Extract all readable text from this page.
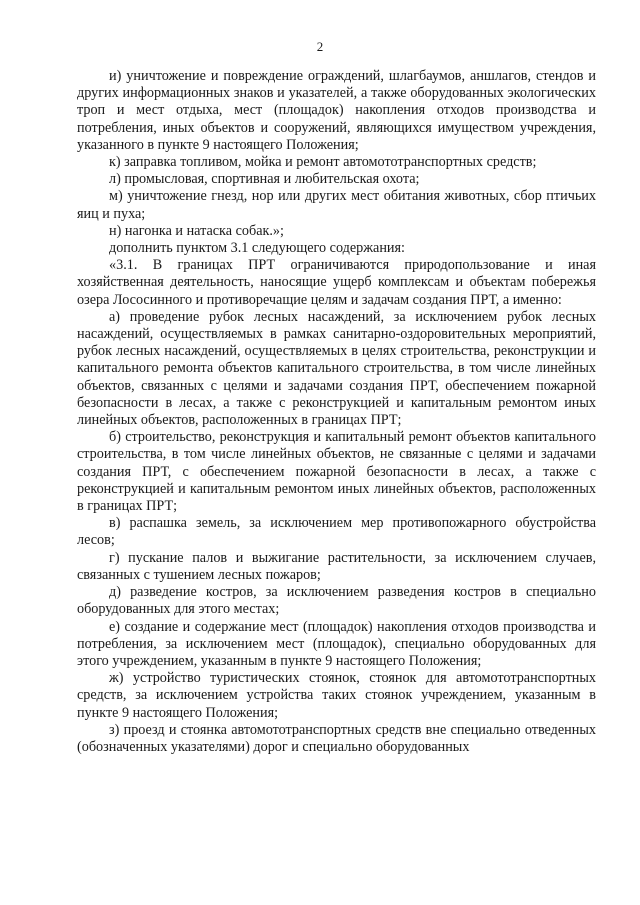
2

и) уничтожение и повреждение ограждений, шлагбаумов, аншлагов, стендов и других информационных знаков и указателей, а также оборудованных экологических троп и мест отдыха, мест (площадок) накопления отходов производства и потребления, иных объектов и сооружений, являющихся имуществом учреждения, указанного в пункте 9 настоящего Положения;

к) заправка топливом, мойка и ремонт автомототранспортных средств;

л) промысловая, спортивная и любительская охота;

м) уничтожение гнезд, нор или других мест обитания животных, сбор птичьих яиц и пуха;

н) нагонка и натаска собак.»;

дополнить пунктом 3.1 следующего содержания:

«3.1. В границах ПРТ ограничиваются природопользование и иная хозяйственная деятельность, наносящие ущерб комплексам и объектам побережья озера Лососинного и противоречащие целям и задачам создания ПРТ, а именно:

а) проведение рубок лесных насаждений, за исключением рубок лесных насаждений, осуществляемых в рамках санитарно-оздоровительных мероприятий, рубок лесных насаждений, осуществляемых в целях строительства, реконструкции и капитального ремонта объектов капитального строительства, в том числе линейных объектов, связанных с целями и задачами создания ПРТ, обеспечением пожарной безопасности в лесах, а также с реконструкцией и капитальным ремонтом иных линейных объектов, расположенных в границах ПРТ;

б) строительство, реконструкция и капитальный ремонт объектов капитального строительства, в том числе линейных объектов, не связанные с целями и задачами создания ПРТ, с обеспечением пожарной безопасности в лесах, а также с реконструкцией и капитальным ремонтом иных линейных объектов, расположенных в границах ПРТ;

в) распашка земель, за исключением мер противопожарного обустройства лесов;

г) пускание палов и выжигание растительности, за исключением случаев, связанных с тушением лесных пожаров;

д) разведение костров, за исключением разведения костров в специально оборудованных для этого местах;

е) создание и содержание мест (площадок) накопления отходов производства и потребления, за исключением мест (площадок), специально оборудованных для этого учреждением, указанным в пункте 9 настоящего Положения;

ж) устройство туристических стоянок, стоянок для автомототранспортных средств, за исключением устройства таких стоянок учреждением, указанным в пункте 9 настоящего Положения;

з) проезд и стоянка автомототранспортных средств вне специально отведенных (обозначенных указателями) дорог и специально оборудованных
